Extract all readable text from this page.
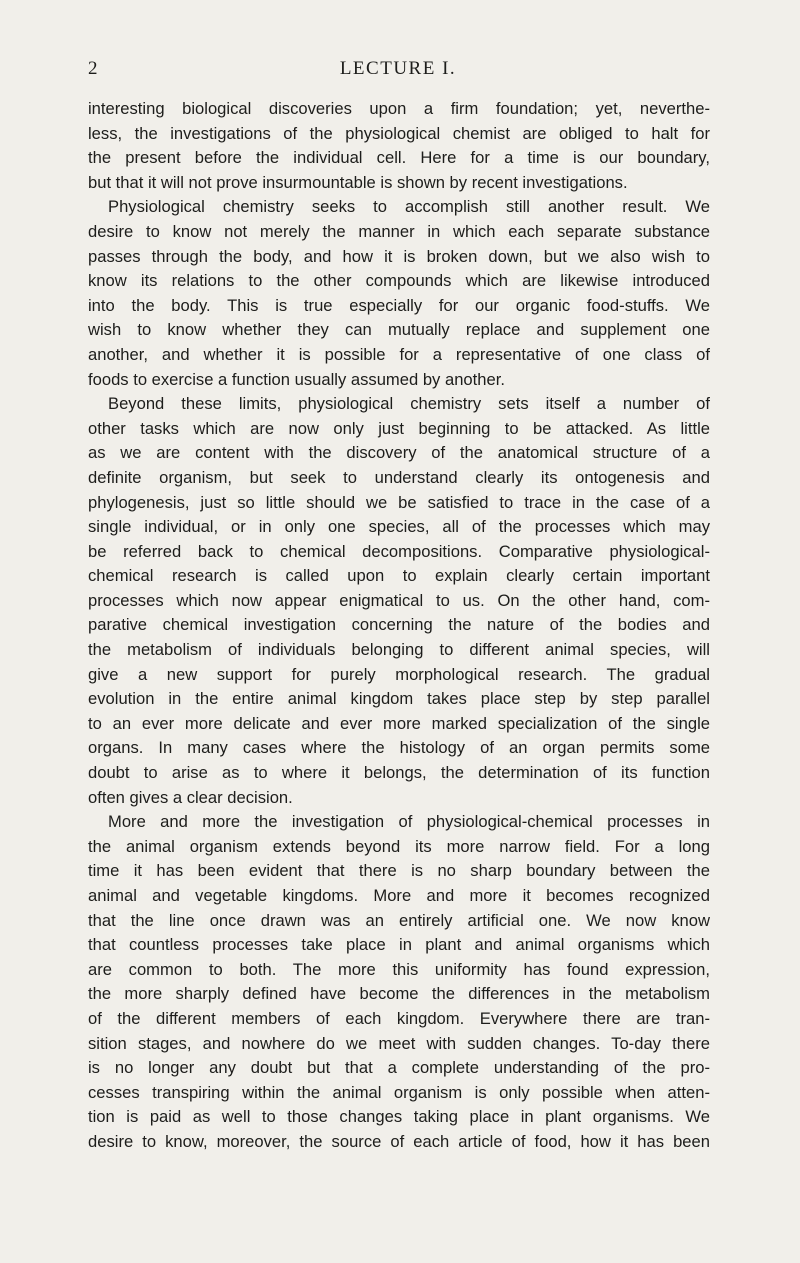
2	LECTURE I.
interesting biological discoveries upon a firm foundation; yet, neverthe-
less, the investigations of the physiological chemist are obliged to halt for
the present before the individual cell. Here for a time is our boundary,
but that it will not prove insurmountable is shown by recent investigations.
Physiological chemistry seeks to accomplish still another result. We
desire to know not merely the manner in which each separate substance
passes through the body, and how it is broken down, but we also wish to
know its relations to the other compounds which are likewise introduced
into the body. This is true especially for our organic food-stuffs. We
wish to know whether they can mutually replace and supplement one
another, and whether it is possible for a representative of one class of
foods to exercise a function usually assumed by another.
Beyond these limits, physiological chemistry sets itself a number of
other tasks which are now only just beginning to be attacked. As little
as we are content with the discovery of the anatomical structure of a
definite organism, but seek to understand clearly its ontogenesis and
phylogenesis, just so little should we be satisfied to trace in the case of a
single individual, or in only one species, all of the processes which may
be referred back to chemical decompositions. Comparative physiological-
chemical research is called upon to explain clearly certain important
processes which now appear enigmatical to us. On the other hand, com-
parative chemical investigation concerning the nature of the bodies and
the metabolism of individuals belonging to different animal species, will
give a new support for purely morphological research. The gradual
evolution in the entire animal kingdom takes place step by step parallel
to an ever more delicate and ever more marked specialization of the single
organs. In many cases where the histology of an organ permits some
doubt to arise as to where it belongs, the determination of its function
often gives a clear decision.
More and more the investigation of physiological-chemical processes in
the animal organism extends beyond its more narrow field. For a long
time it has been evident that there is no sharp boundary between the
animal and vegetable kingdoms. More and more it becomes recognized
that the line once drawn was an entirely artificial one. We now know
that countless processes take place in plant and animal organisms which
are common to both. The more this uniformity has found expression,
the more sharply defined have become the differences in the metabolism
of the different members of each kingdom. Everywhere there are tran-
sition stages, and nowhere do we meet with sudden changes. To-day there
is no longer any doubt but that a complete understanding of the pro-
cesses transpiring within the animal organism is only possible when atten-
tion is paid as well to those changes taking place in plant organisms. We
desire to know, moreover, the source of each article of food, how it has been
